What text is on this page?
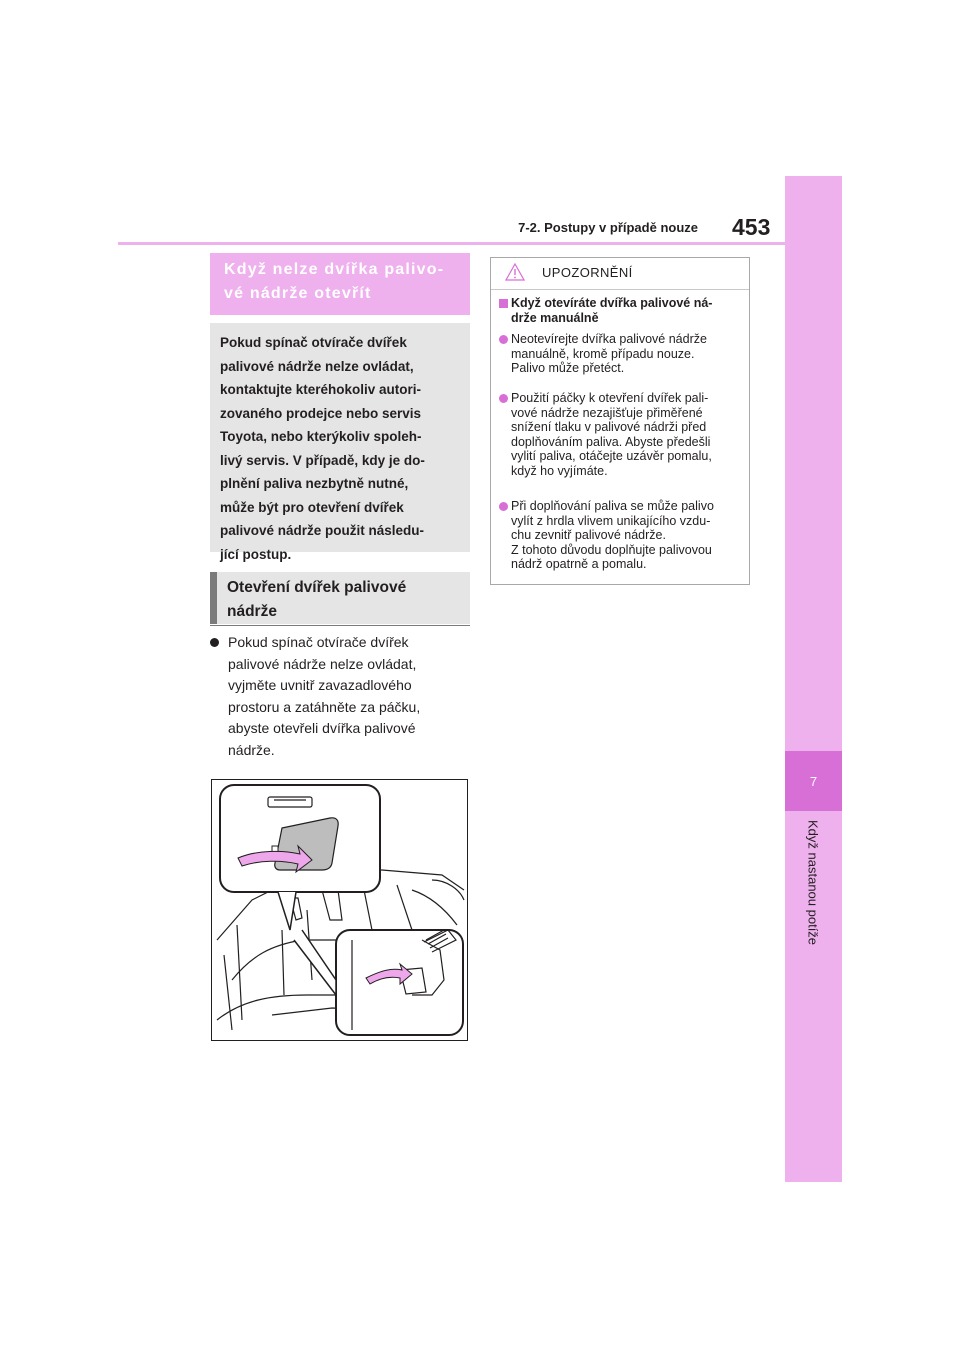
7
Když nastanou potíže
7-2. Postupy v případě nouze 453
Když nelze dvířka palivo-
vé nádrže otevřít
Pokud spínač otvírače dvířek
palivové nádrže nelze ovládat,
kontaktujte kteréhokoliv autori-
zovaného prodejce nebo servis
Toyota, nebo kterýkoliv spoleh-
livý servis. V případě, kdy je do-
plnění paliva nezbytně nutné,
může být pro otevření dvířek
palivové nádrže použit následu-
jící postup.
Otevření dvířek palivové
nádrže
Pokud spínač otvírače dvířek
palivové nádrže nelze ovládat,
vyjměte uvnitř zavazadlového
prostoru a zatáhněte za páčku,
abyste otevřeli dvířka palivové
nádrže.
UPOZORNĚNÍ
Když otevíráte dvířka palivové ná-
drže manuálně
Neotevírejte dvířka palivové nádrže
manuálně, kromě případu nouze.
Palivo může přetéct.
Použití páčky k otevření dvířek pali-
vové nádrže nezajišťuje přiměřené
snížení tlaku v palivové nádrži před
doplňováním paliva. Abyste předešli
vylití paliva, otáčejte uzávěr pomalu,
když ho vyjímáte.
Při doplňování paliva se může palivo
vylít z hrdla vlivem unikajícího vzdu-
chu zevnitř palivové nádrže.
Z tohoto důvodu doplňujte palivovou
nádrž opatrně a pomalu.
